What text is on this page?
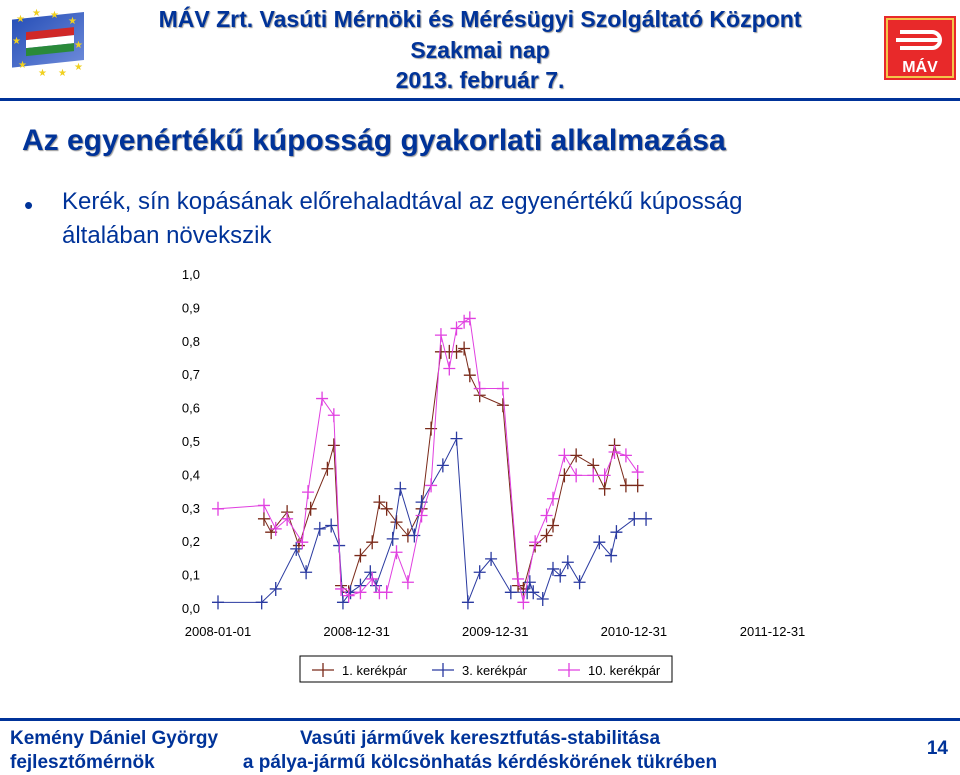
★
★ ★
★
★	★
★
★ ★
★
MÁV Zrt. Vasúti Mérnöki és Mérésügyi Szolgáltató Központ
Szakmai nap
2013. február 7.	MÁV
Az egyenértékű kúposság gyakorlati alkalmazása
• Kerék, sín kopásának előrehaladtával az egyenértékű kúposság
általában növekszik
0,0
0,1
0,2
0,3
0,4
0,5
0,6
0,7
0,8
0,9
1,0
2008-01-01	2008-12-31	2009-12-31	2010-12-31	2011-12-31
1. kerékpár	3. kerékpár	10. kerékpár
Kemény Dániel György
fejlesztőmérnök
Vasúti járművek keresztfutás-stabilitása
a pálya-jármű kölcsönhatás kérdéskörének tükrében
14
